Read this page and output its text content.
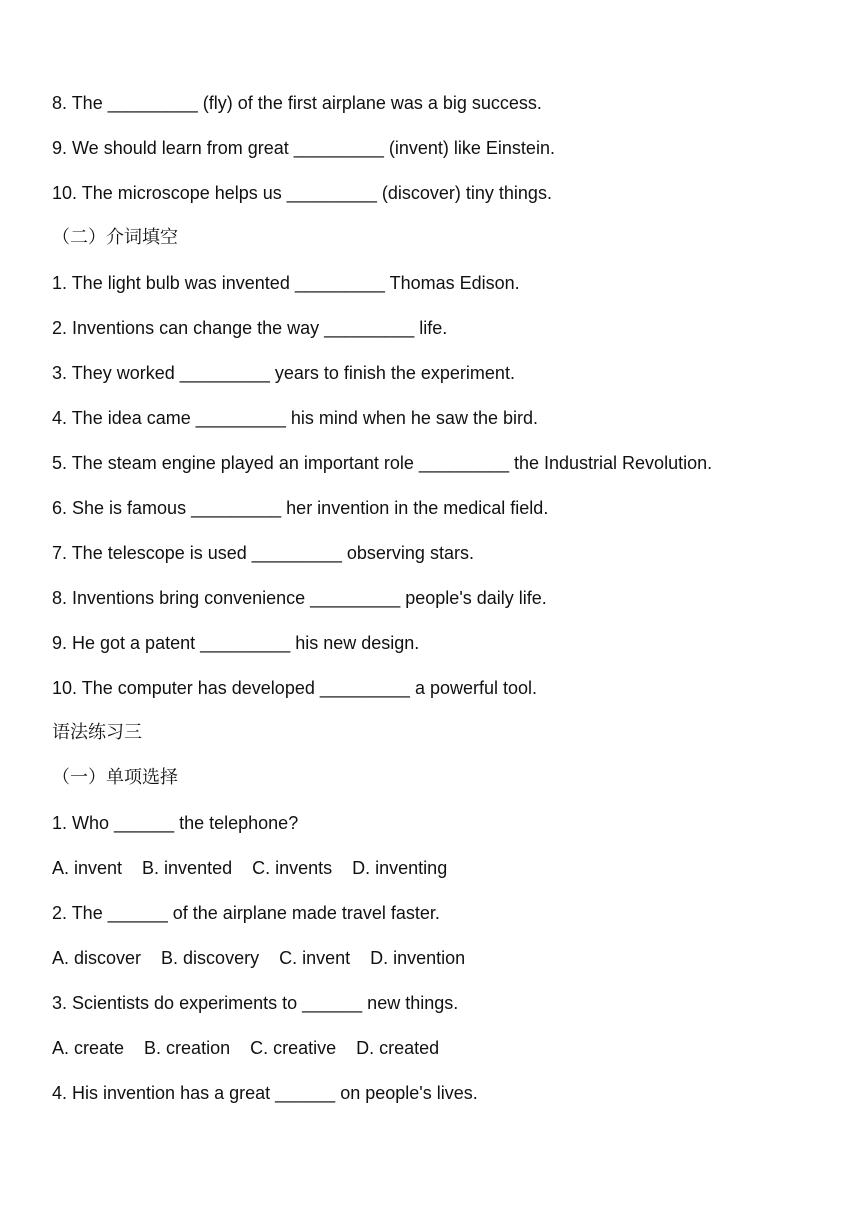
8. The _________ (fly) of the first airplane was a big success.
9. We should learn from great _________ (invent) like Einstein.
10. The microscope helps us _________ (discover) tiny things.
（二）介词填空
1. The light bulb was invented _________ Thomas Edison.
2. Inventions can change the way _________ life.
3. They worked _________ years to finish the experiment.
4. The idea came _________ his mind when he saw the bird.
5. The steam engine played an important role _________ the Industrial Revolution.
6. She is famous _________ her invention in the medical field.
7. The telescope is used _________ observing stars.
8. Inventions bring convenience _________ people's daily life.
9. He got a patent _________ his new design.
10. The computer has developed _________ a powerful tool.
语法练习三
（一）单项选择
1. Who ______ the telephone?
A. invent    B. invented    C. invents    D. inventing
2. The ______ of the airplane made travel faster.
A. discover    B. discovery    C. invent    D. invention
3. Scientists do experiments to ______ new things.
A. create    B. creation    C. creative    D. created
4. His invention has a great ______ on people's lives.
